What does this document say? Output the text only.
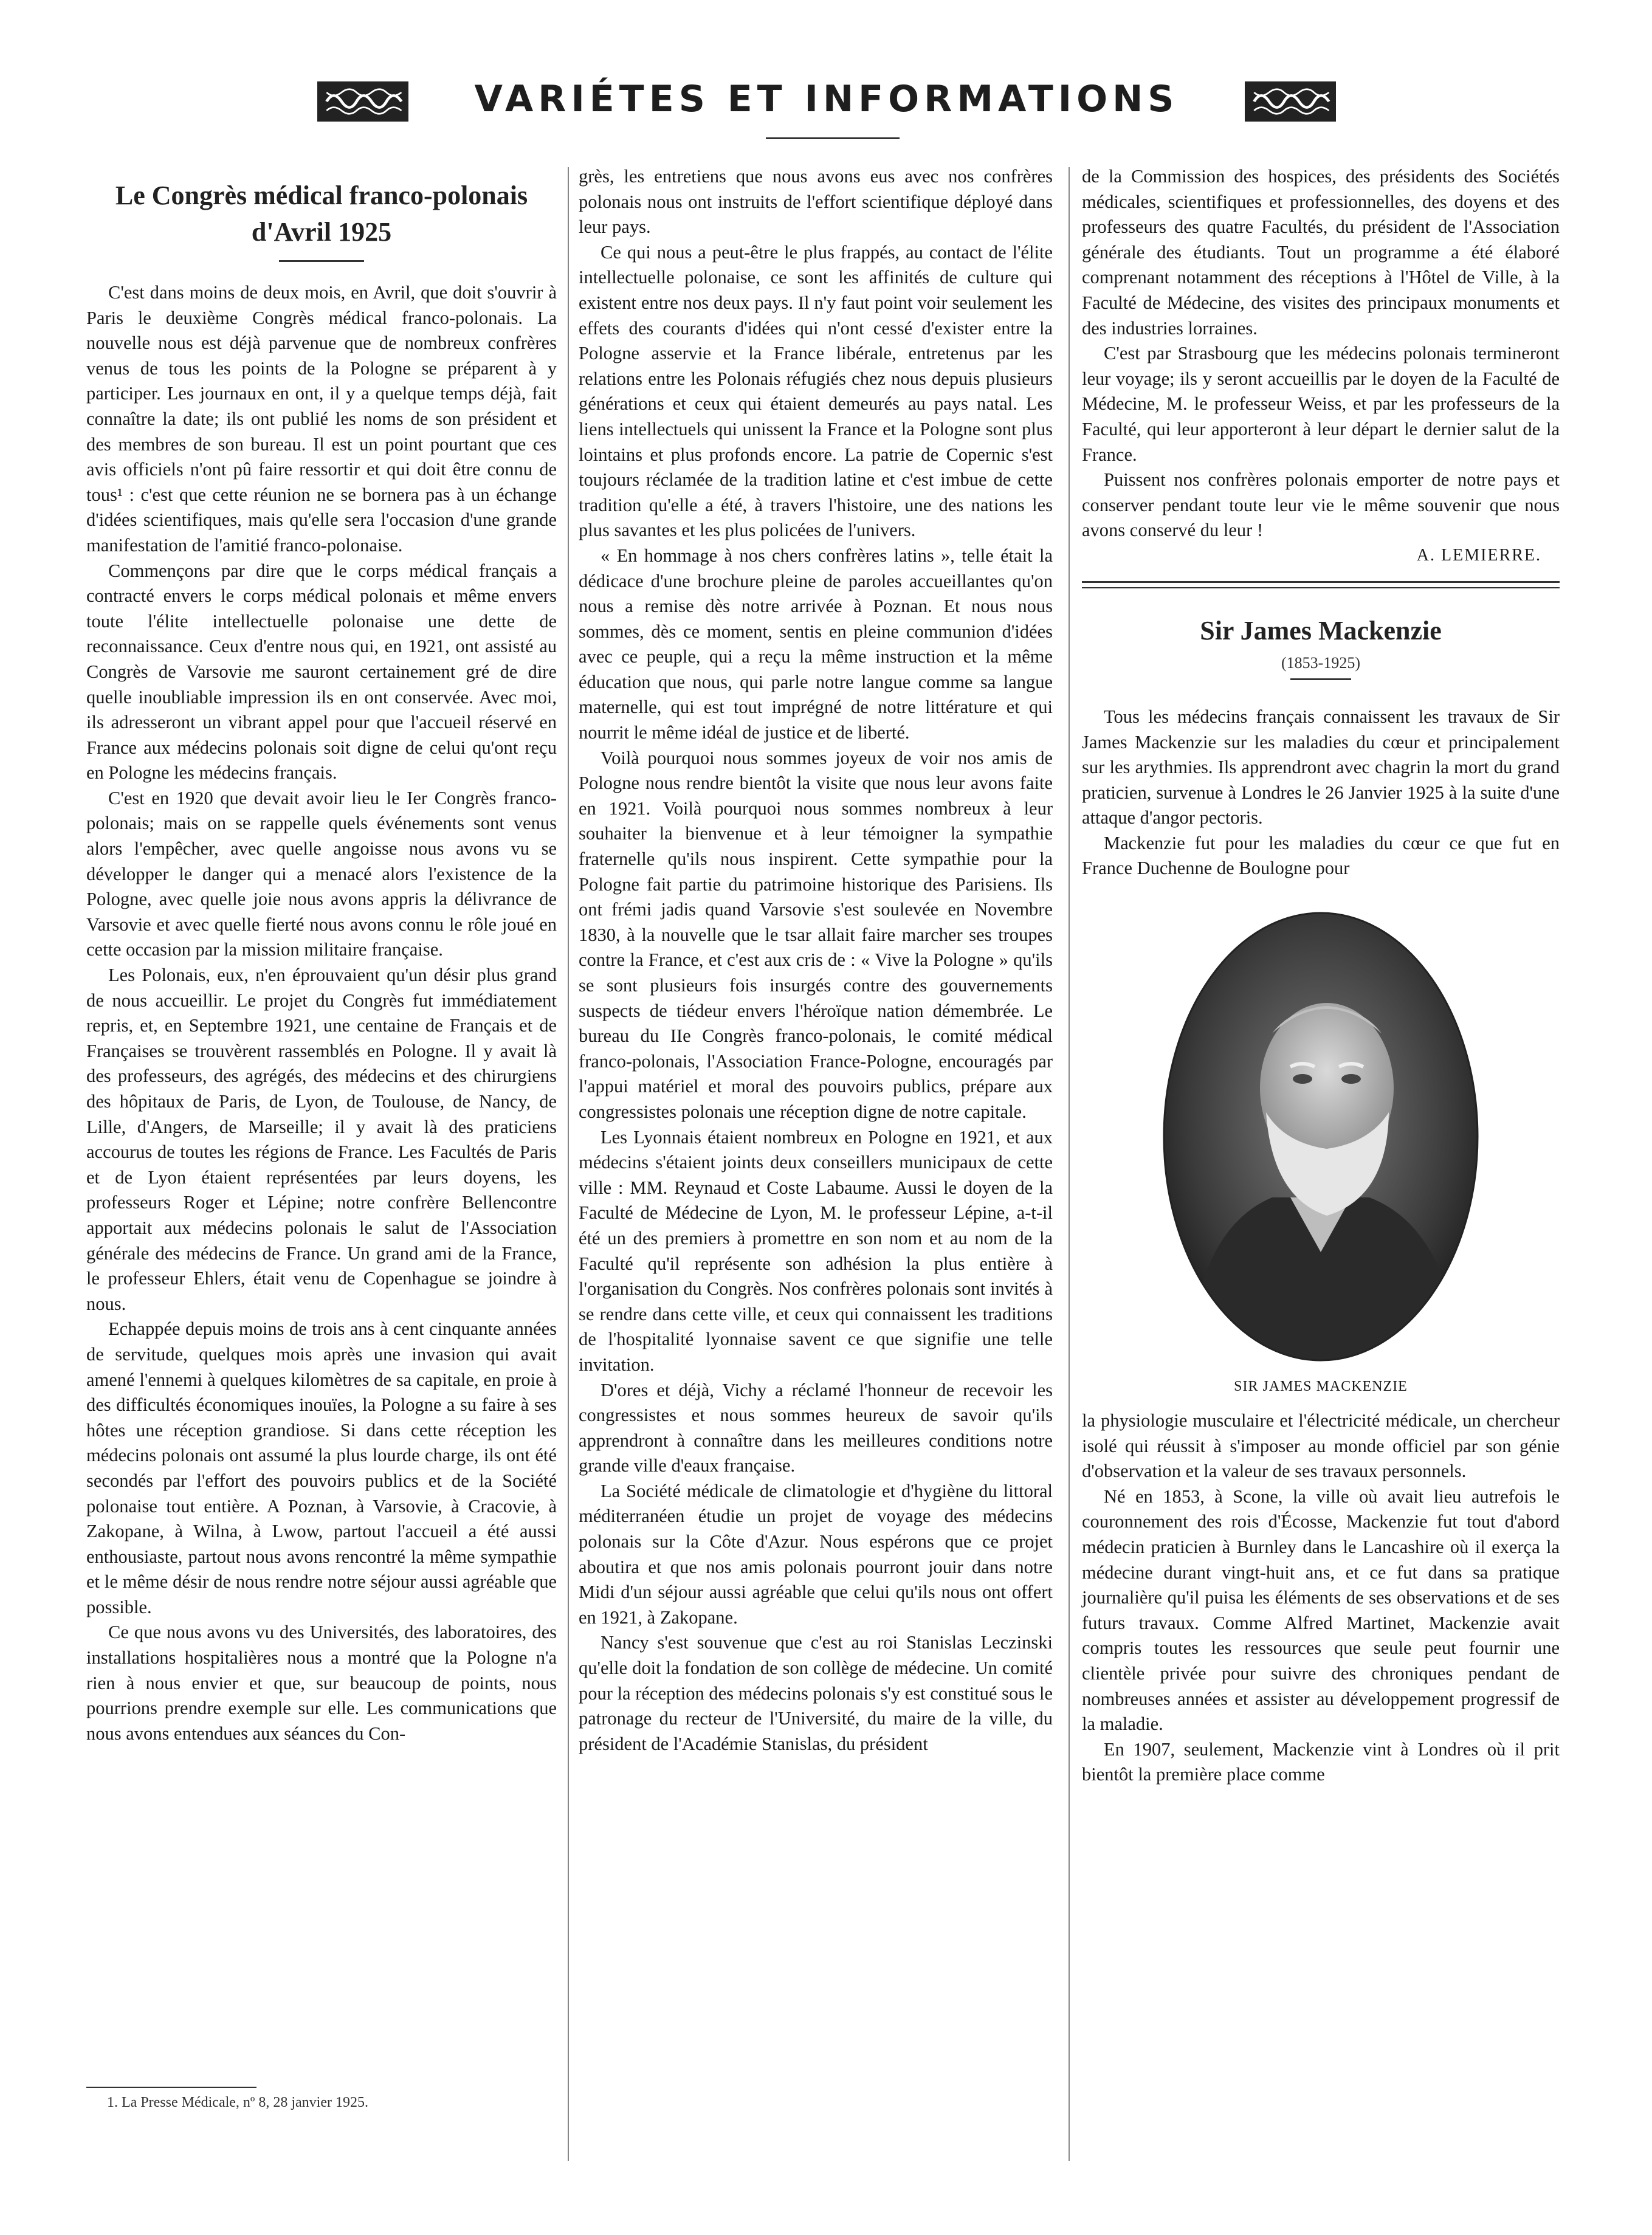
VARIÉTES ET INFORMATIONS
Le Congrès médical franco-polonais
d'Avril 1925

C'est dans moins de deux mois, en Avril, que doit s'ouvrir à Paris le deuxième Congrès médical franco-polonais. La nouvelle nous est déjà parvenue que de nombreux confrères venus de tous les points de la Pologne se préparent à y participer. Les journaux en ont, il y a quelque temps déjà, fait connaître la date; ils ont publié les noms de son président et des membres de son bureau. Il est un point pourtant que ces avis officiels n'ont pû faire ressortir et qui doit être connu de tous¹ : c'est que cette réunion ne se bornera pas à un échange d'idées scientifiques, mais qu'elle sera l'occasion d'une grande manifestation de l'amitié franco-polonaise.

Commençons par dire que le corps médical français a contracté envers le corps médical polonais et même envers toute l'élite intellectuelle polonaise une dette de reconnaissance. Ceux d'entre nous qui, en 1921, ont assisté au Congrès de Varsovie me sauront certainement gré de dire quelle inoubliable impression ils en ont conservée. Avec moi, ils adresseront un vibrant appel pour que l'accueil réservé en France aux médecins polonais soit digne de celui qu'ont reçu en Pologne les médecins français.

C'est en 1920 que devait avoir lieu le Ier Congrès franco-polonais; mais on se rappelle quels événements sont venus alors l'empêcher, avec quelle angoisse nous avons vu se développer le danger qui a menacé alors l'existence de la Pologne, avec quelle joie nous avons appris la délivrance de Varsovie et avec quelle fierté nous avons connu le rôle joué en cette occasion par la mission militaire française.

Les Polonais, eux, n'en éprouvaient qu'un désir plus grand de nous accueillir. Le projet du Congrès fut immédiatement repris, et, en Septembre 1921, une centaine de Français et de Françaises se trouvèrent rassemblés en Pologne. Il y avait là des professeurs, des agrégés, des médecins et des chirurgiens des hôpitaux de Paris, de Lyon, de Toulouse, de Nancy, de Lille, d'Angers, de Marseille; il y avait là des praticiens accourus de toutes les régions de France. Les Facultés de Paris et de Lyon étaient représentées par leurs doyens, les professeurs Roger et Lépine; notre confrère Bellencontre apportait aux médecins polonais le salut de l'Association générale des médecins de France. Un grand ami de la France, le professeur Ehlers, était venu de Copenhague se joindre à nous.

Echappée depuis moins de trois ans à cent cinquante années de servitude, quelques mois après une invasion qui avait amené l'ennemi à quelques kilomètres de sa capitale, en proie à des difficultés économiques inouïes, la Pologne a su faire à ses hôtes une réception grandiose. Si dans cette réception les médecins polonais ont assumé la plus lourde charge, ils ont été secondés par l'effort des pouvoirs publics et de la Société polonaise tout entière. A Poznan, à Varsovie, à Cracovie, à Zakopane, à Wilna, à Lwow, partout l'accueil a été aussi enthousiaste, partout nous avons rencontré la même sympathie et le même désir de nous rendre notre séjour aussi agréable que possible.

Ce que nous avons vu des Universités, des laboratoires, des installations hospitalières nous a montré que la Pologne n'a rien à nous envier et que, sur beaucoup de points, nous pourrions prendre exemple sur elle. Les communications que nous avons entendues aux séances du Con-

1. La Presse Médicale, nº 8, 28 janvier 1925.

grès, les entretiens que nous avons eus avec nos confrères polonais nous ont instruits de l'effort scientifique déployé dans leur pays.

Ce qui nous a peut-être le plus frappés, au contact de l'élite intellectuelle polonaise, ce sont les affinités de culture qui existent entre nos deux pays. Il n'y faut point voir seulement les effets des courants d'idées qui n'ont cessé d'exister entre la Pologne asservie et la France libérale, entretenus par les relations entre les Polonais réfugiés chez nous depuis plusieurs générations et ceux qui étaient demeurés au pays natal. Les liens intellectuels qui unissent la France et la Pologne sont plus lointains et plus profonds encore. La patrie de Copernic s'est toujours réclamée de la tradition latine et c'est imbue de cette tradition qu'elle a été, à travers l'histoire, une des nations les plus savantes et les plus policées de l'univers.

« En hommage à nos chers confrères latins », telle était la dédicace d'une brochure pleine de paroles accueillantes qu'on nous a remise dès notre arrivée à Poznan. Et nous nous sommes, dès ce moment, sentis en pleine communion d'idées avec ce peuple, qui a reçu la même instruction et la même éducation que nous, qui parle notre langue comme sa langue maternelle, qui est tout imprégné de notre littérature et qui nourrit le même idéal de justice et de liberté.

Voilà pourquoi nous sommes joyeux de voir nos amis de Pologne nous rendre bientôt la visite que nous leur avons faite en 1921. Voilà pourquoi nous sommes nombreux à leur souhaiter la bienvenue et à leur témoigner la sympathie fraternelle qu'ils nous inspirent. Cette sympathie pour la Pologne fait partie du patrimoine historique des Parisiens. Ils ont frémi jadis quand Varsovie s'est soulevée en Novembre 1830, à la nouvelle que le tsar allait faire marcher ses troupes contre la France, et c'est aux cris de : « Vive la Pologne » qu'ils se sont plusieurs fois insurgés contre des gouvernements suspects de tiédeur envers l'héroïque nation démembrée. Le bureau du IIe Congrès franco-polonais, le comité médical franco-polonais, l'Association France-Pologne, encouragés par l'appui matériel et moral des pouvoirs publics, prépare aux congressistes polonais une réception digne de notre capitale.

Les Lyonnais étaient nombreux en Pologne en 1921, et aux médecins s'étaient joints deux conseillers municipaux de cette ville : MM. Reynaud et Coste Labaume. Aussi le doyen de la Faculté de Médecine de Lyon, M. le professeur Lépine, a-t-il été un des premiers à promettre en son nom et au nom de la Faculté qu'il représente son adhésion la plus entière à l'organisation du Congrès. Nos confrères polonais sont invités à se rendre dans cette ville, et ceux qui connaissent les traditions de l'hospitalité lyonnaise savent ce que signifie une telle invitation.

D'ores et déjà, Vichy a réclamé l'honneur de recevoir les congressistes et nous sommes heureux de savoir qu'ils apprendront à connaître dans les meilleures conditions notre grande ville d'eaux française.

La Société médicale de climatologie et d'hygiène du littoral méditerranéen étudie un projet de voyage des médecins polonais sur la Côte d'Azur. Nous espérons que ce projet aboutira et que nos amis polonais pourront jouir dans notre Midi d'un séjour aussi agréable que celui qu'ils nous ont offert en 1921, à Zakopane.

Nancy s'est souvenue que c'est au roi Stanislas Leczinski qu'elle doit la fondation de son collège de médecine. Un comité pour la réception des médecins polonais s'y est constitué sous le patronage du recteur de l'Université, du maire de la ville, du président de l'Académie Stanislas, du président

de la Commission des hospices, des présidents des Sociétés médicales, scientifiques et professionnelles, des doyens et des professeurs des quatre Facultés, du président de l'Association générale des étudiants. Tout un programme a été élaboré comprenant notamment des réceptions à l'Hôtel de Ville, à la Faculté de Médecine, des visites des principaux monuments et des industries lorraines.

C'est par Strasbourg que les médecins polonais termineront leur voyage; ils y seront accueillis par le doyen de la Faculté de Médecine, M. le professeur Weiss, et par les professeurs de la Faculté, qui leur apporteront à leur départ le dernier salut de la France.

Puissent nos confrères polonais emporter de notre pays et conserver pendant toute leur vie le même souvenir que nous avons conservé du leur !

A. LEMIERRE.
Sir James Mackenzie
(1853-1925)

Tous les médecins français connaissent les travaux de Sir James Mackenzie sur les maladies du cœur et principalement sur les arythmies. Ils apprendront avec chagrin la mort du grand praticien, survenue à Londres le 26 Janvier 1925 à la suite d'une attaque d'angor pectoris.

Mackenzie fut pour les maladies du cœur ce que fut en France Duchenne de Boulogne pour

SIR JAMES MACKENZIE

la physiologie musculaire et l'électricité médicale, un chercheur isolé qui réussit à s'imposer au monde officiel par son génie d'observation et la valeur de ses travaux personnels.

Né en 1853, à Scone, la ville où avait lieu autrefois le couronnement des rois d'Écosse, Mackenzie fut tout d'abord médecin praticien à Burnley dans le Lancashire où il exerça la médecine durant vingt-huit ans, et ce fut dans sa pratique journalière qu'il puisa les éléments de ses observations et de ses futurs travaux. Comme Alfred Martinet, Mackenzie avait compris toutes les ressources que seule peut fournir une clientèle privée pour suivre des chroniques pendant de nombreuses années et assister au développement progressif de la maladie.

En 1907, seulement, Mackenzie vint à Londres où il prit bientôt la première place comme
